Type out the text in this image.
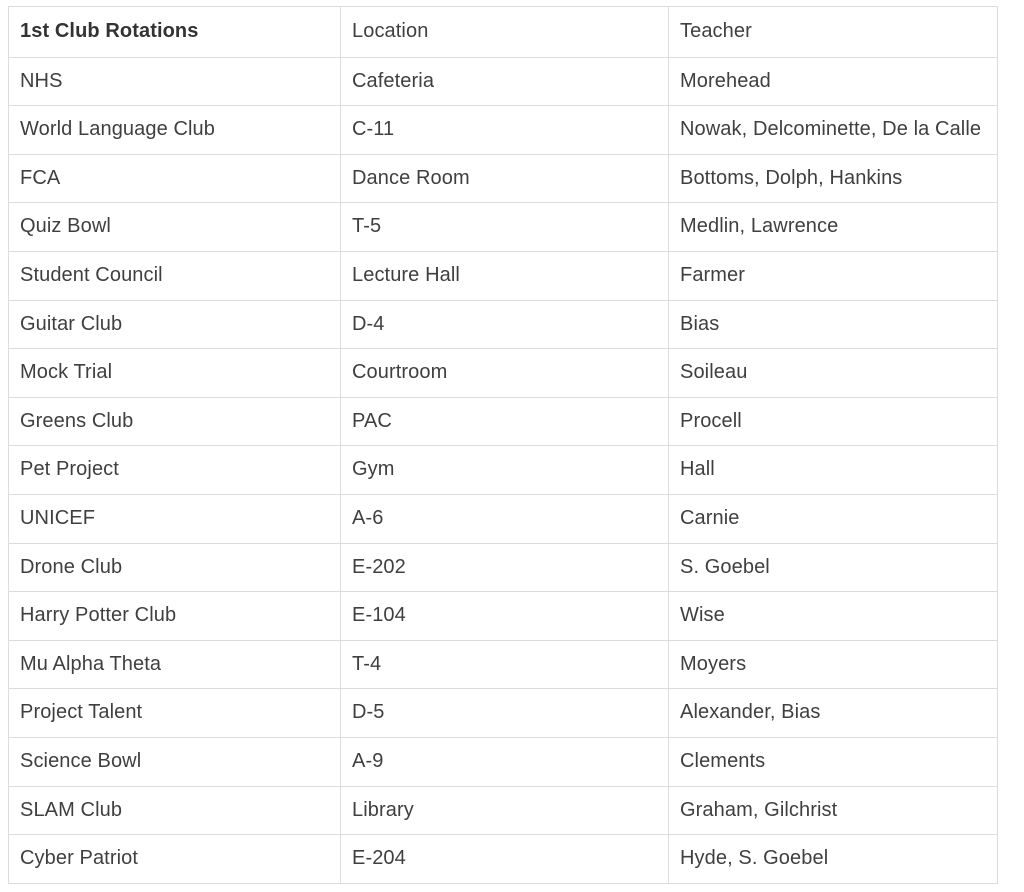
1st Club Rotations	Location	Teacher
NHS	Cafeteria	Morehead
World Language Club	C-11	Nowak, Delcominette, De la Calle
FCA	Dance Room	Bottoms, Dolph, Hankins
Quiz Bowl	T-5	Medlin, Lawrence
Student Council	Lecture Hall	Farmer
Guitar Club	D-4	Bias
Mock Trial	Courtroom	Soileau
Greens Club	PAC	Procell
Pet Project	Gym	Hall
UNICEF	A-6	Carnie
Drone Club	E-202	S. Goebel
Harry Potter Club	E-104	Wise
Mu Alpha Theta	T-4	Moyers
Project Talent	D-5	Alexander, Bias
Science Bowl	A-9	Clements
SLAM Club	Library	Graham, Gilchrist
Cyber Patriot	E-204	Hyde, S. Goebel
